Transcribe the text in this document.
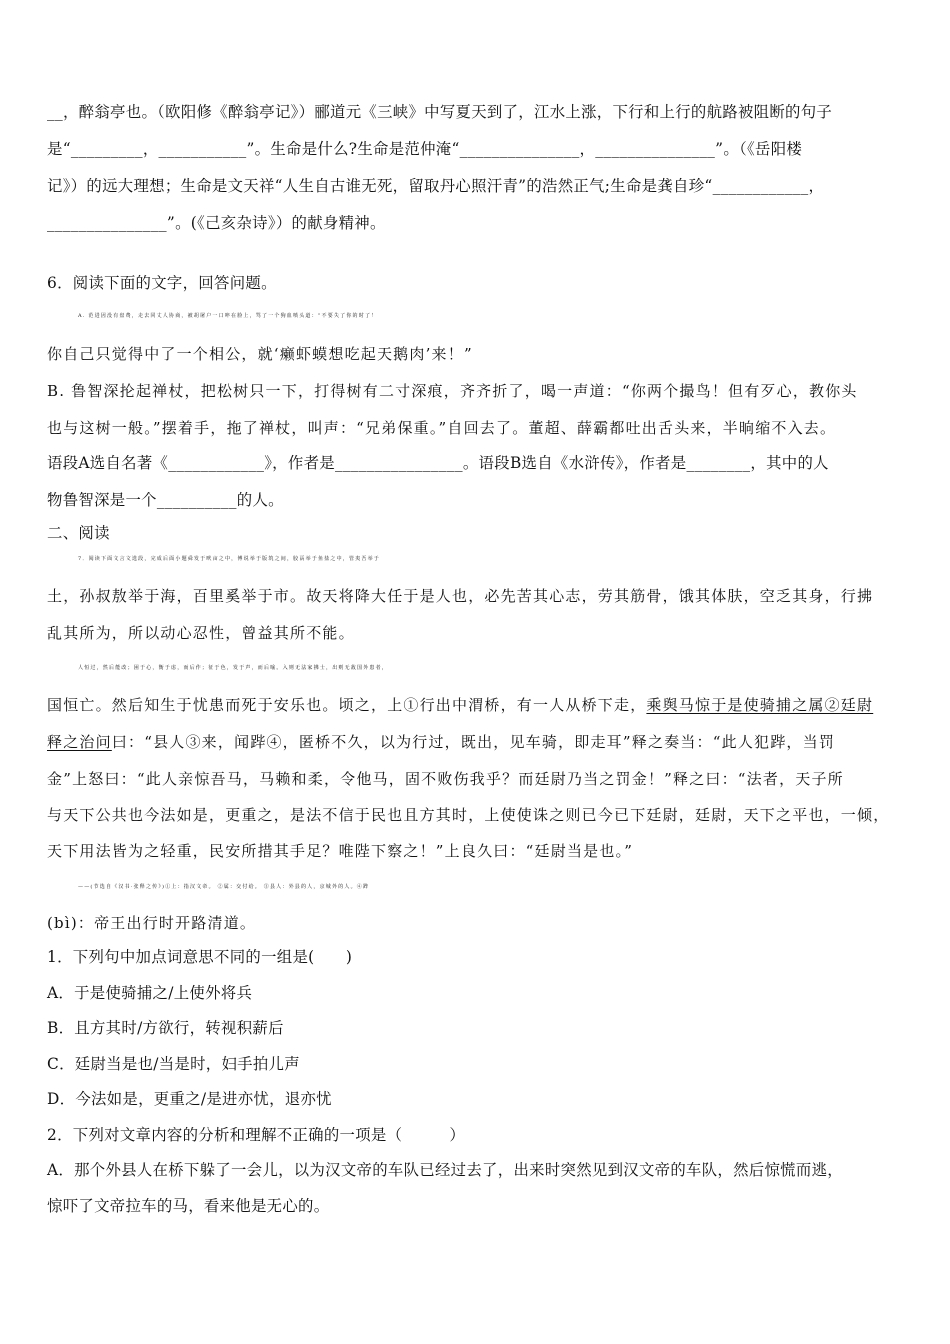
__，醉翁亭也。（欧阳修《醉翁亭记》）郦道元《三峡》中写夏天到了，江水上涨，下行和上行的航路被阻断的句子
是“_________，___________”。生命是什么?生命是范仲淹“_______________，_______________”。（《岳阳楼
记》）的远大理想；生命是文天祥“人生自古谁无死，留取丹心照汗青”的浩然正气;生命是龚自珍“____________，
_______________”。(《己亥杂诗》）的献身精神。
6．阅读下面的文字，回答问题。
A. 范进因没有盘费，走去同丈人协商，被胡屠户一口啐在脸上，骂了一个狗血喷头道：“不要失了你的时了！
你自己只觉得中了一个相公，就‘癞虾蟆想吃起天鹅肉’来！”
B. 鲁智深抡起禅杖，把松树只一下，打得树有二寸深痕，齐齐折了，喝一声道：“你两个撮鸟！但有歹心，教你头
也与这树一般。”摆着手，拖了禅杖，叫声：“兄弟保重。”自回去了。董超、薛霸都吐出舌头来，半晌缩不入去。
语段A选自名著《____________》，作者是________________。语段B选自《水浒传》，作者是________，其中的人
物鲁智深是一个__________的人。
二、阅读
7．阅读下面文言文选段，完成后面小题舜发于畎亩之中，傅说举于版筑之间，胶鬲举于鱼盐之中，管夷吾举于
土，孙叔敖举于海，百里奚举于市。故天将降大任于是人也，必先苦其心志，劳其筋骨，饿其体肤，空乏其身，行拂
乱其所为，所以动心忍性，曾益其所不能。
人恒过，然后能改；困于心，衡于虑，而后作；征于色，发于声，而后喻。入则无法家拂士，出则无敌国外患者，
国恒亡。然后知生于忧患而死于安乐也。顷之，上①行出中渭桥，有一人从桥下走，乘舆马惊于是使骑捕之属②廷尉
释之治问曰：“县人③来，闻跸④，匿桥不久，以为行过，既出，见车骑，即走耳”释之奏当：“此人犯跸，当罚
金”上怒曰：“此人亲惊吾马，马赖和柔，令他马，固不败伤我乎？而廷尉乃当之罚金！”释之曰：“法者，天子所
与天下公共也今法如是，更重之，是法不信于民也且方其时，上使使诛之则已今已下廷尉，廷尉，天下之平也，一倾，
天下用法皆为之轻重，民安所措其手足？唯陛下察之！”上良久曰：“廷尉当是也。”
——(节选自《汉书·张释之传》)①上：指汉文帝。 ②属：交付给。 ③县人：外县的人，京城外的人。④跸
(bì)：帝王出行时开路清道。
1．下列句中加点词意思不同的一组是(　　)
A．于是使骑捕之/上使外将兵
B．且方其时/方欲行，转视积薪后
C．廷尉当是也/当是时，妇手拍儿声
D．今法如是，更重之/是进亦忧，退亦忧
2．下列对文章内容的分析和理解不正确的一项是（　　　）
A．那个外县人在桥下躲了一会儿，以为汉文帝的车队已经过去了，出来时突然见到汉文帝的车队，然后惊慌而逃，
惊吓了文帝拉车的马，看来他是无心的。
